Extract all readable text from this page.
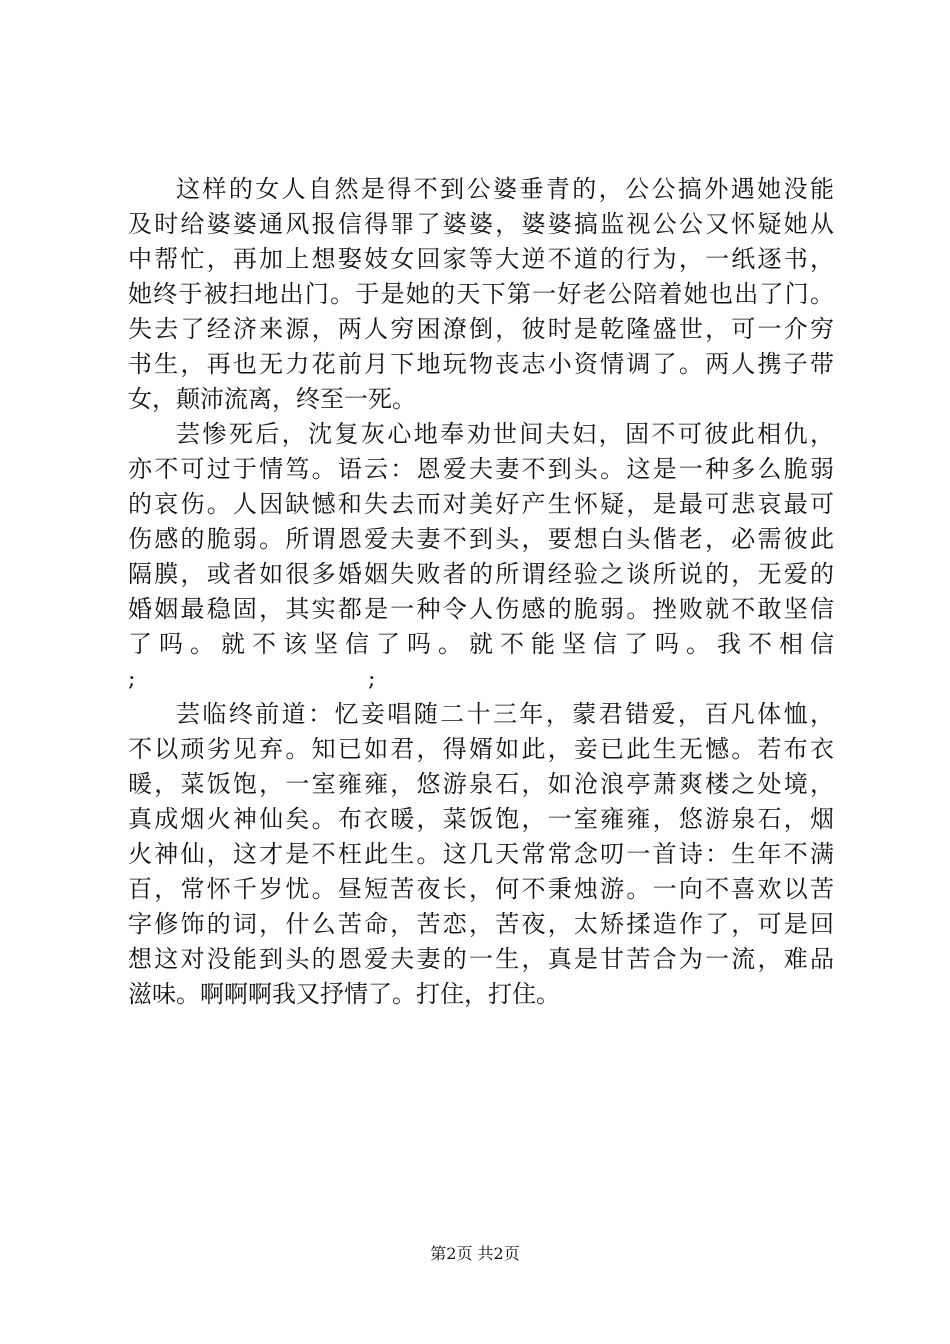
这样的女人自然是得不到公婆垂青的，公公搞外遇她没能
及时给婆婆通风报信得罪了婆婆，婆婆搞监视公公又怀疑她从
中帮忙，再加上想娶妓女回家等大逆不道的行为，一纸逐书，
她终于被扫地出门。于是她的天下第一好老公陪着她也出了门。
失去了经济来源，两人穷困潦倒，彼时是乾隆盛世，可一介穷
书生，再也无力花前月下地玩物丧志小资情调了。两人携子带
女，颠沛流离，终至一死。
芸惨死后，沈复灰心地奉劝世间夫妇，固不可彼此相仇，
亦不可过于情笃。语云：恩爱夫妻不到头。这是一种多么脆弱
的哀伤。人因缺憾和失去而对美好产生怀疑，是最可悲哀最可
伤感的脆弱。所谓恩爱夫妻不到头，要想白头偕老，必需彼此
隔膜，或者如很多婚姻失败者的所谓经验之谈所说的，无爱的
婚姻最稳固，其实都是一种令人伤感的脆弱。挫败就不敢坚信
了吗。就不该坚信了吗。就不能坚信了吗。我不相信
;	;
芸临终前道：忆妾唱随二十三年，蒙君错爱，百凡体恤，
不以顽劣见弃。知已如君，得婿如此，妾已此生无憾。若布衣
暖，菜饭饱，一室雍雍，悠游泉石，如沧浪亭萧爽楼之处境，
真成烟火神仙矣。布衣暖，菜饭饱，一室雍雍，悠游泉石，烟
火神仙，这才是不枉此生。这几天常常念叨一首诗：生年不满
百，常怀千岁忧。昼短苦夜长，何不秉烛游。一向不喜欢以苦
字修饰的词，什么苦命，苦恋，苦夜，太矫揉造作了，可是回
想这对没能到头的恩爱夫妻的一生，真是甘苦合为一流，难品
滋味。啊啊啊我又抒情了。打住，打住。
第2页 共2页
